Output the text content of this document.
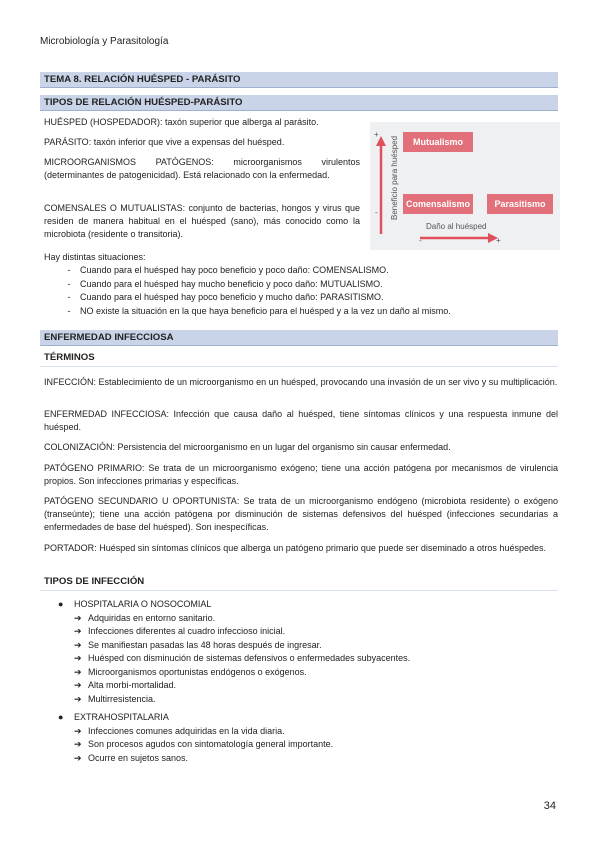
Microbiología y Parasitología
TEMA 8. RELACIÓN HUÉSPED - PARÁSITO
TIPOS DE RELACIÓN HUÉSPED-PARÁSITO
HUÉSPED (HOSPEDADOR): taxón superior que alberga al parásito.
PARÁSITO: taxón inferior que vive a expensas del huésped.
MICROORGANISMOS PATÓGENOS: microorganismos virulentos (determinantes de patogenicidad). Está relacionado con la enfermedad.
COMENSALES O MUTUALISTAS: conjunto de bacterias, hongos y virus que residen de manera habitual en el huésped (sano), más conocido como la microbiota (residente o transitoria).
+
-
-	+
Beneficio para huésped
Daño al huésped
Mutualismo
Comensalismo	Parasitismo
Hay distintas situaciones:
- Cuando para el huésped hay poco beneficio y poco daño: COMENSALISMO.
- Cuando para el huésped hay mucho beneficio y poco daño: MUTUALISMO.
- Cuando para el huésped hay poco beneficio y mucho daño: PARASITISMO.
- NO existe la situación en la que haya beneficio para el huésped y a la vez un daño al mismo.
ENFERMEDAD INFECCIOSA
TÉRMINOS
INFECCIÓN: Establecimiento de un microorganismo en un huésped, provocando una invasión de un ser vivo y su multiplicación.
ENFERMEDAD INFECCIOSA: Infección que causa daño al huésped, tiene síntomas clínicos y una respuesta inmune del huésped.
COLONIZACIÓN: Persistencia del microorganismo en un lugar del organismo sin causar enfermedad.
PATÓGENO PRIMARIO: Se trata de un microorganismo exógeno; tiene una acción patógena por mecanismos de virulencia propios. Son infecciones primarias y específicas.
PATÓGENO SECUNDARIO U OPORTUNISTA: Se trata de un microorganismo endógeno (microbiota residente) o exógeno (transeúnte); tiene una acción patógena por disminución de sistemas defensivos del huésped (infecciones secundarias a enfermedades de base del huésped). Son inespecíficas.
PORTADOR: Huésped sin síntomas clínicos que alberga un patógeno primario que puede ser diseminado a otros huéspedes.
TIPOS DE INFECCIÓN
● HOSPITALARIA O NOSOCOMIAL
➔ Adquiridas en entorno sanitario.
➔ Infecciones diferentes al cuadro infeccioso inicial.
➔ Se manifiestan pasadas las 48 horas después de ingresar.
➔ Huésped con disminución de sistemas defensivos o enfermedades subyacentes.
➔ Microorganismos oportunistas endógenos o exógenos.
➔ Alta morbi-mortalidad.
➔ Multirresistencia.
● EXTRAHOSPITALARIA
➔ Infecciones comunes adquiridas en la vida diaria.
➔ Son procesos agudos con sintomatología general importante.
➔ Ocurre en sujetos sanos.
34
